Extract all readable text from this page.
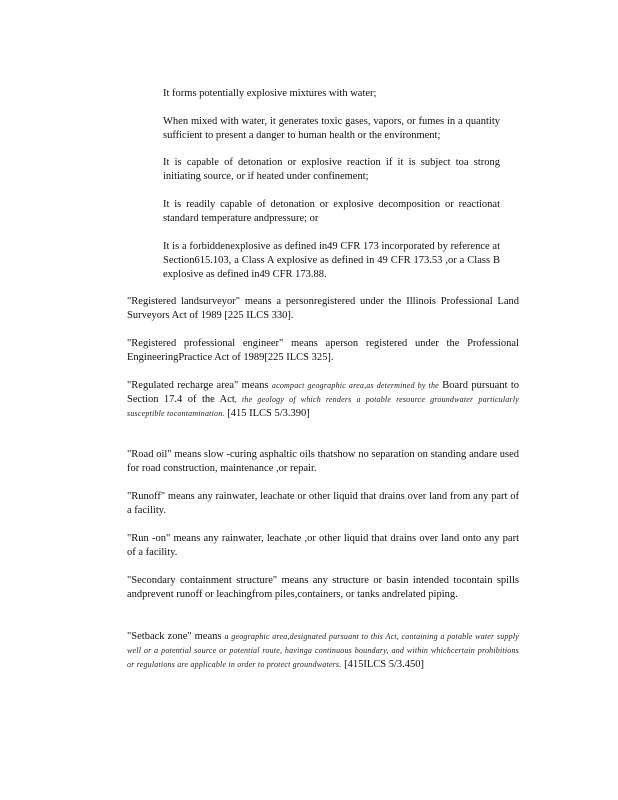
It forms potentially explosive mixtures with water;

When mixed with water, it generates toxic gases, vapors, or fumes in a quantity sufficient to present a danger to human health or the environment;

It is capable of detonation or explosive reaction if it is subject toa strong initiating source, or if heated under confinement;

It is readily capable of detonation or explosive decomposition or reactionat standard temperature andpressure; or

It is a forbiddenexplosive as defined in49 CFR 173 incorporated by reference at Section615.103, a Class A explosive as defined in 49 CFR 173.53 ,or a Class B explosive as defined in49 CFR 173.88.

"Registered landsurveyor" means a personregistered under the Illinois Professional Land Surveyors Act of 1989 [225 ILCS 330].

"Registered professional engineer" means aperson registered under the Professional EngineeringPractice Act of 1989[225 ILCS 325].

"Regulated recharge area" means acompact geographic area,as determined by the Board pursuant to Section 17.4 of the Act, the geology of which renders a potable resource groundwater particularly susceptible tocontamination. [415 ILCS 5/3.390]

"Road oil" means slow -curing asphaltic oils thatshow no separation on standing andare used for road construction, maintenance ,or repair.

"Runoff" means any rainwater, leachate or other liquid that drains over land from any part of a facility.

"Run -on" means any rainwater, leachate ,or other liquid that drains over land onto any part of a facility.

"Secondary containment structure" means any structure or basin intended tocontain spills andprevent runoff or leachingfrom piles,containers, or tanks andrelated piping.

"Setback zone" means a geographic area,designated pursuant to this Act, containing a potable water supply well or a potential source or potential route, havinga continuous boundary, and within whichcertain prohibitions or regulations are applicable in order to protect groundwaters. [415ILCS 5/3.450]
